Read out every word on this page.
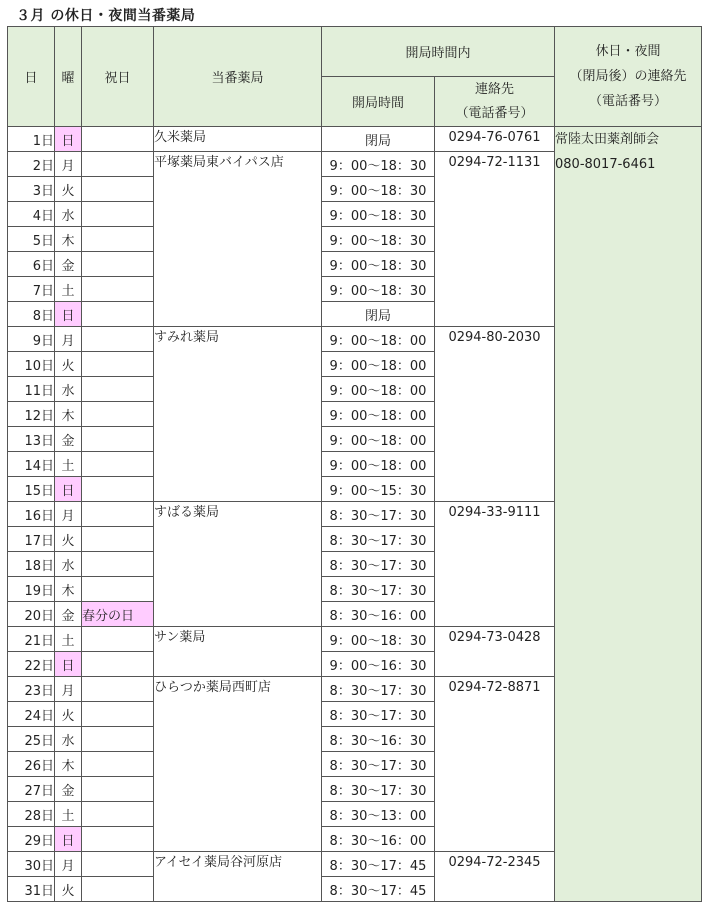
３月 の休日・夜間当番薬局
日	曜	祝日	当番薬局	開局時間内		休日・夜間
（閉局後）の連絡先
（電話番号）

				開局時間	連絡先
（電話番号）	

1日	日		久米薬局	閉局	0294-76-0761	常陸太田薬剤師会
080-8017-6461

2日	月		平塚薬局東バイパス店	9：00〜18：30	0294-72-1131	
3日	火			9：00〜18：30		
4日	水			9：00〜18：30		
5日	木			9：00〜18：30		
6日	金			9：00〜18：30		
7日	土			9：00〜18：30		
8日	日			閉局		
9日	月		すみれ薬局	9：00〜18：00	0294-80-2030	
10日	火			9：00〜18：00		
11日	水			9：00〜18：00		
12日	木			9：00〜18：00		
13日	金			9：00〜18：00		
14日	土			9：00〜18：00		
15日	日			9：00〜15：30		
16日	月		すばる薬局	8：30〜17：30	0294-33-9111	
17日	火			8：30〜17：30		
18日	水			8：30〜17：30		
19日	木			8：30〜17：30		
20日	金	春分の日		8：30〜16：00		
21日	土		サン薬局	9：00〜18：30	0294-73-0428	
22日	日			9：00〜16：30		
23日	月		ひらつか薬局西町店	8：30〜17：30	0294-72-8871	
24日	火			8：30〜17：30		
25日	水			8：30〜16：30		
26日	木			8：30〜17：30		
27日	金			8：30〜17：30		
28日	土			8：30〜13：00		
29日	日			8：30〜16：00		
30日	月		アイセイ薬局谷河原店	8：30〜17：45	0294-72-2345	
31日	火			8：30〜17：45		
